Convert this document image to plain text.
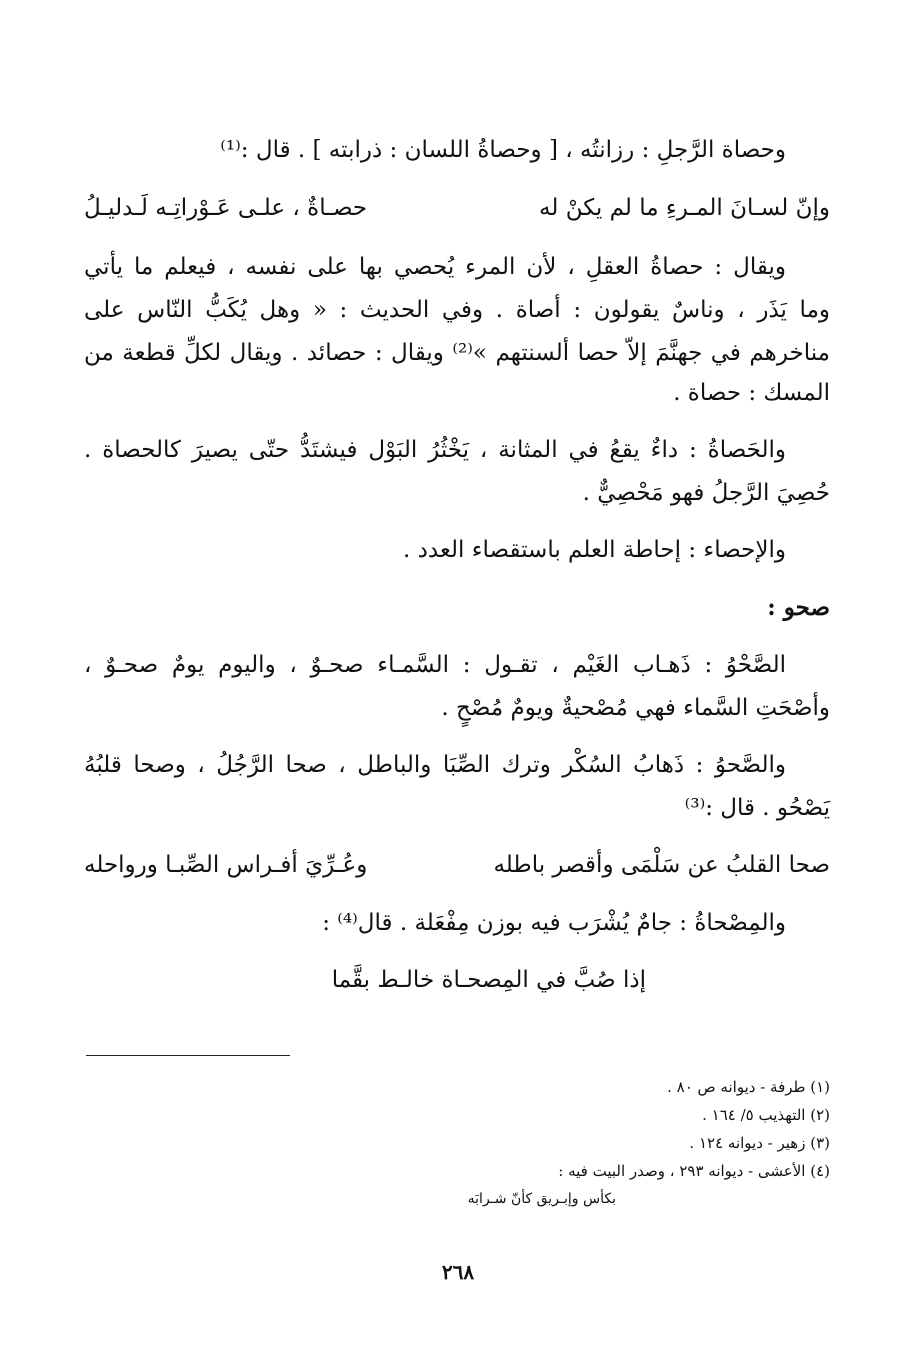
وحصاة الرَّجلِ : رزانتُه ، [ وحصاةُ اللسان : ذرابته ] . قال :⁽¹⁾
وإنّ لسـانَ المـرءِ ما لم يكنْ له
حصـاةٌ ، علـى عَـوْراتِـه لَـدليـلُ
ويقال : حصاةُ العقلِ ، لأن المرء يُحصي بها على نفسه ، فيعلم ما يأتي
وما يَذَر ، وناسٌ يقولون : أصاة . وفي الحديث : « وهل يُكَبُّ النّاس على
مناخرهم في جهنَّمَ إلاّ حصا ألسنتهم »⁽²⁾ ويقال : حصائد . ويقال لكلِّ قطعة من
المسك : حصاة .
والحَصاةُ : داءٌ يقعُ في المثانة ، يَخْثُرُ البَوْل فيشتَدُّ حتّى يصيرَ كالحصاة .
حُصِيَ الرَّجلُ فهو مَحْصِيٌّ .
والإحصاء : إحاطة العلم باستقصاء العدد .
صحو :
الصَّحْوُ : ذَهـاب الغَيْم ، تقـول : السَّمـاء صحـوٌ ، واليوم يومٌ صحـوٌ ،
وأصْحَتِ السَّماء فهي مُصْحيةٌ ويومٌ مُصْحٍ .
والصَّحوُ : ذَهابُ السُكْر وترك الصِّبَا والباطل ، صحا الرَّجُلُ ، وصحا قلبُهُ
يَصْحُو . قال :⁽³⁾
صحا القلبُ عن سَلْمَى وأقصر باطله
وعُـرِّيَ أفـراس الصِّبـا ورواحله
والمِصْحاةُ : جامٌ يُشْرَب فيه بوزن مِفْعَلة . قال⁽⁴⁾ :
إذا صُبَّ في المِصحـاة خالـط بقَّما
(١) طرفة - ديوانه ص ٨٠ .
(٢) التهذيب ٥/ ١٦٤ .
(٣) زهير - ديوانه ١٢٤ .
(٤) الأعشى - ديوانه ٢٩٣ ، وصدر البيت فيه :
بكأس وإبـريق كأنّ شـرابَه
٢٦٨
